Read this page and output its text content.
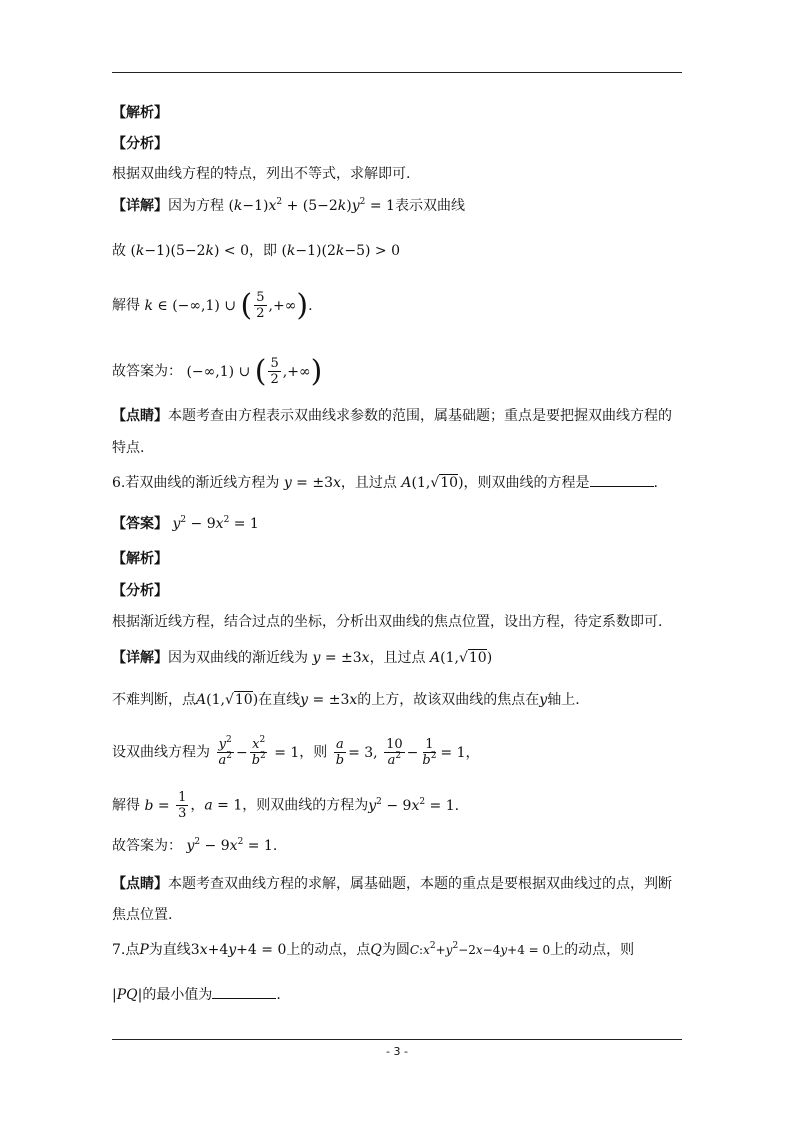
【解析】
【分析】
根据双曲线方程的特点，列出不等式，求解即可.
【详解】因为方程 $(k-1)x^2 + (5-2k)y^2 = 1$表示双曲线
故 (k−1)(5−2k) < 0，即 (k−1)(2k−5) > 0
解得 k ∈ (−∞,1) ∪ ( $\frac{5}{2}$ ,+∞).
故答案为： (−∞,1) ∪ ( $\frac{5}{2}$ ,+∞)
【点睛】本题考查由方程表示双曲线求参数的范围，属基础题；重点是要把握双曲线方程的
特点.
6.若双曲线的渐近线方程为 y = ±3x，且过点 A(1,√10)，则双曲线的方程是	.
【答案】 $y^2 - 9x^2 = 1$
【解析】
【分析】
根据渐近线方程，结合过点的坐标，分析出双曲线的焦点位置，设出方程，待定系数即可.
【详解】因为双曲线的渐近线为 y = ±3x，且过点 A(1,√10)
不难判断，点A(1,√10)在直线y = ±3x的上方，故该双曲线的焦点在y轴上.
设双曲线方程为 $\frac{y^2}{a^2} - \frac{x^2}{b^2} = 1$，则 $\frac{a}{b} = 3$, $\frac{10}{a^2} - \frac{1}{b^2} = 1$，
解得 $b = \frac{1}{3}$ ，a = 1，则双曲线的方程为$y^2 - 9x^2 = 1$.
故答案为： $y^2 - 9x^2 = 1$.
【点睛】本题考查双曲线方程的求解，属基础题，本题的重点是要根据双曲线过的点，判断
焦点位置.
7.点P为直线3x+4y+4 = 0上的动点，点Q为圆$C:x^2+y^2-2x-4y+4 = 0$上的动点，则
|PQ|的最小值为	.
- 3 -
